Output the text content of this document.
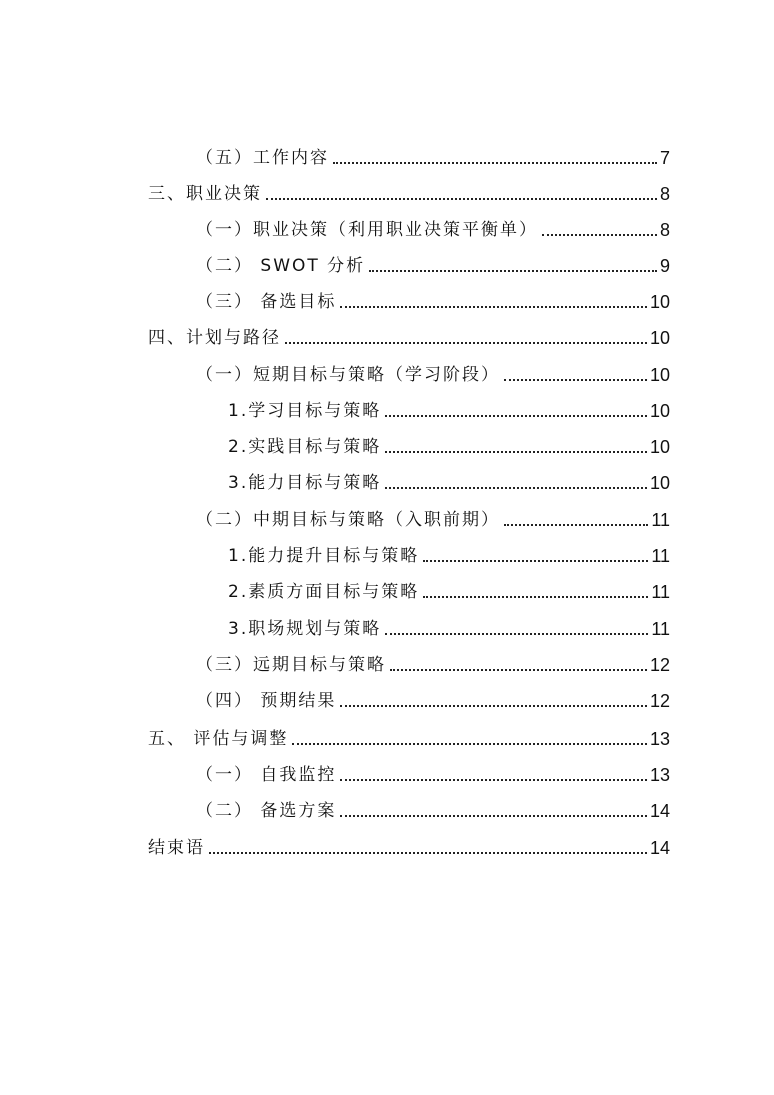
（五）工作内容	7
三、职业决策	8
（一）职业决策（利用职业决策平衡单）	8
（二） SWOT 分析	9
（三） 备选目标	10
四、计划与路径	10
（一）短期目标与策略（学习阶段）	10
1.学习目标与策略	10
2.实践目标与策略	10
3.能力目标与策略	10
（二）中期目标与策略（入职前期）	11
1.能力提升目标与策略	11
2.素质方面目标与策略	11
3.职场规划与策略	11
（三）远期目标与策略	12
（四） 预期结果	12
五、 评估与调整	13
（一） 自我监控	13
（二） 备选方案	14
结束语	14
